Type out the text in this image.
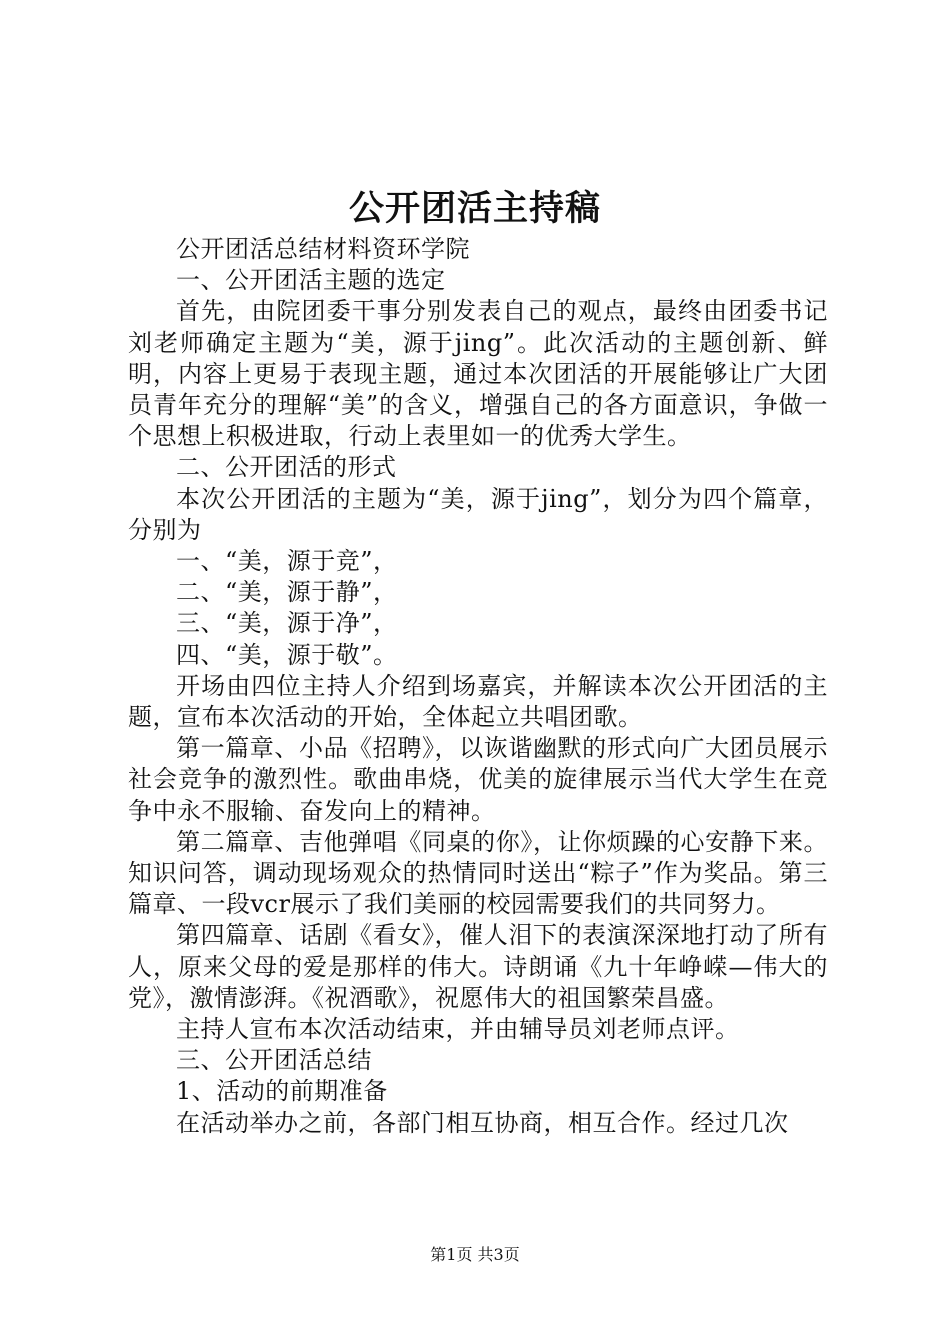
公开团活主持稿

公开团活总结材料资环学院

一、公开团活主题的选定

首先，由院团委干事分别发表自己的观点，最终由团委书记刘老师确定主题为“美，源于jing”。此次活动的主题创新、鲜明，内容上更易于表现主题，通过本次团活的开展能够让广大团员青年充分的理解“美”的含义，增强自己的各方面意识，争做一个思想上积极进取，行动上表里如一的优秀大学生。

二、公开团活的形式

本次公开团活的主题为“美，源于jing”，划分为四个篇章，分别为

一、“美，源于竞”，

二、“美，源于静”，

三、“美，源于净”，

四、“美，源于敬”。

开场由四位主持人介绍到场嘉宾，并解读本次公开团活的主题，宣布本次活动的开始，全体起立共唱团歌。

第一篇章、小品《招聘》，以诙谐幽默的形式向广大团员展示社会竞争的激烈性。歌曲串烧，优美的旋律展示当代大学生在竞争中永不服输、奋发向上的精神。

第二篇章、吉他弹唱《同桌的你》，让你烦躁的心安静下来。知识问答，调动现场观众的热情同时送出“粽子”作为奖品。第三篇章、一段vcr展示了我们美丽的校园需要我们的共同努力。

第四篇章、话剧《看女》，催人泪下的表演深深地打动了所有人，原来父母的爱是那样的伟大。诗朗诵《九十年峥嵘—伟大的党》，激情澎湃。《祝酒歌》，祝愿伟大的祖国繁荣昌盛。

主持人宣布本次活动结束，并由辅导员刘老师点评。

三、公开团活总结

1、活动的前期准备

在活动举办之前，各部门相互协商，相互合作。经过几次

第1页 共3页
